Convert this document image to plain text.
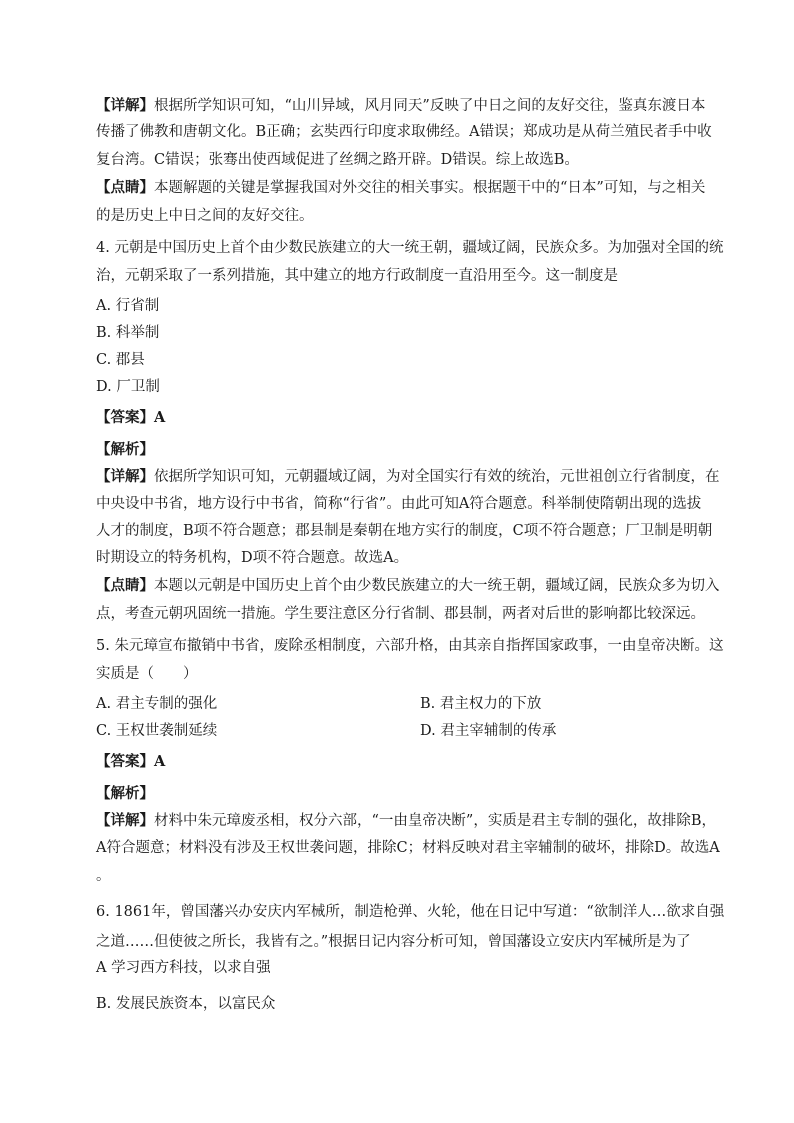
【详解】根据所学知识可知，“山川异域，风月同天”反映了中日之间的友好交往，鉴真东渡日本
传播了佛教和唐朝文化。B正确；玄奘西行印度求取佛经。A错误；郑成功是从荷兰殖民者手中收
复台湾。C错误；张骞出使西域促进了丝绸之路开辟。D错误。综上故选B。
【点睛】本题解题的关键是掌握我国对外交往的相关事实。根据题干中的“日本”可知，与之相关
的是历史上中日之间的友好交往。
4. 元朝是中国历史上首个由少数民族建立的大一统王朝，疆域辽阔，民族众多。为加强对全国的统
治，元朝采取了一系列措施，其中建立的地方行政制度一直沿用至今。这一制度是
A. 行省制
B. 科举制
C. 郡县
D. 厂卫制
【答案】A
【解析】
【详解】依据所学知识可知，元朝疆域辽阔，为对全国实行有效的统治，元世祖创立行省制度，在
中央设中书省，地方设行中书省，简称“行省”。由此可知A符合题意。科举制使隋朝出现的选拔
人才的制度，B项不符合题意；郡县制是秦朝在地方实行的制度，C项不符合题意；厂卫制是明朝
时期设立的特务机构，D项不符合题意。故选A。
【点睛】本题以元朝是中国历史上首个由少数民族建立的大一统王朝，疆域辽阔，民族众多为切入
点，考查元朝巩固统一措施。学生要注意区分行省制、郡县制，两者对后世的影响都比较深远。
5. 朱元璋宣布撤销中书省，废除丞相制度，六部升格，由其亲自指挥国家政事，一由皇帝决断。这
实质是（　　）
A. 君主专制的强化	B. 君主权力的下放
C. 王权世袭制延续	D. 君主宰辅制的传承
【答案】A
【解析】
【详解】材料中朱元璋废丞相，权分六部，“一由皇帝决断”，实质是君主专制的强化，故排除B，
A符合题意；材料没有涉及王权世袭问题，排除C；材料反映对君主宰辅制的破坏，排除D。故选A
。
6. 1861年，曾国藩兴办安庆内军械所，制造枪弹、火轮，他在日记中写道：“欲制洋人…欲求自强
之道……但使彼之所长，我皆有之。”根据日记内容分析可知，曾国藩设立安庆内军械所是为了
A 学习西方科技，以求自强
B. 发展民族资本，以富民众
